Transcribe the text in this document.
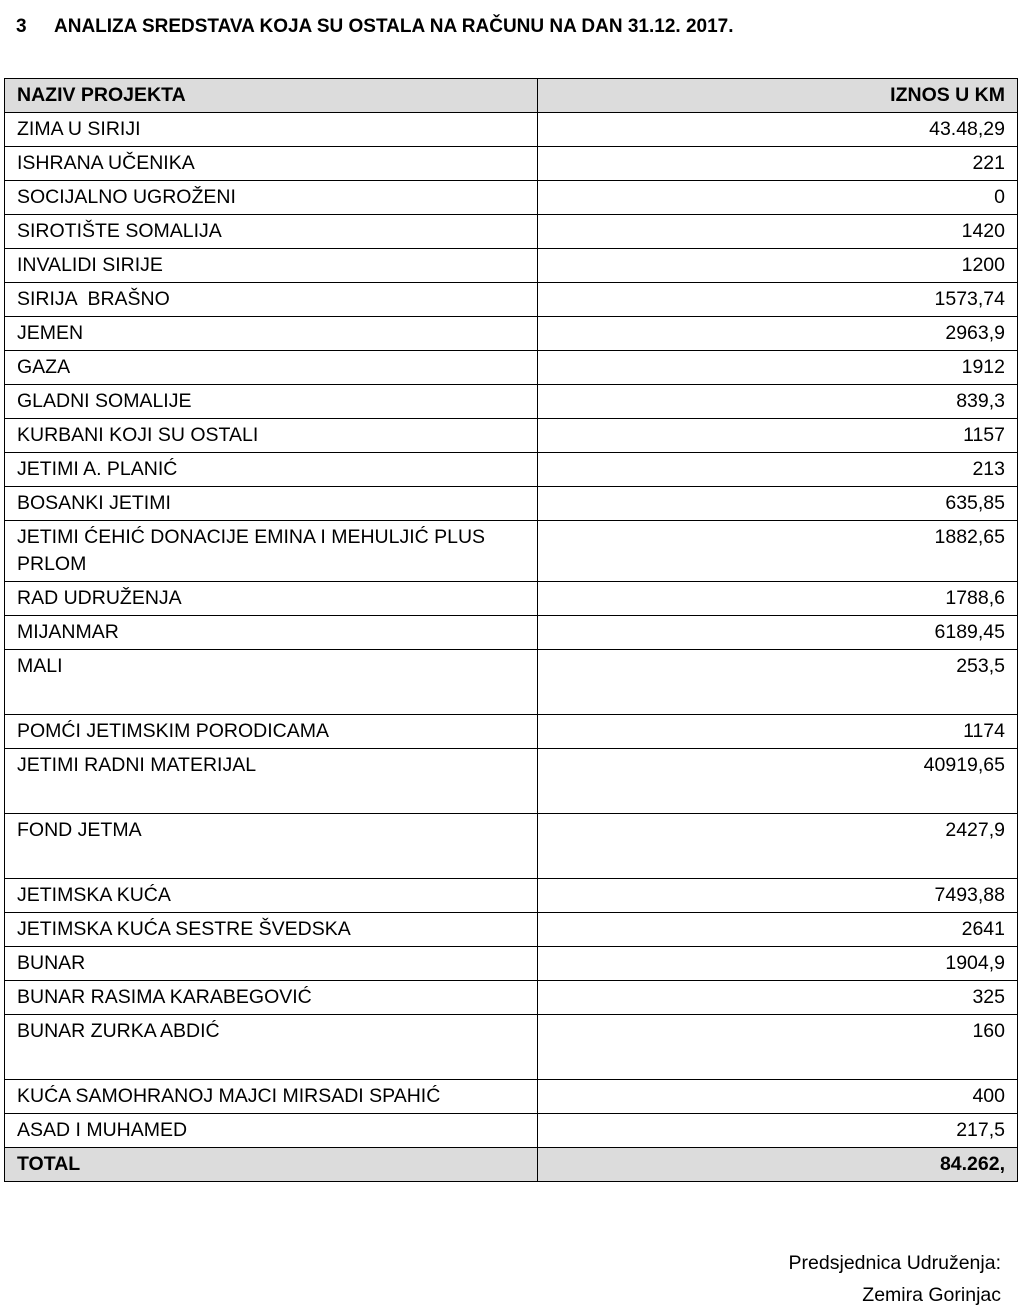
3 ANALIZA SREDSTAVA KOJA SU OSTALA NA RAČUNU NA DAN 31.12. 2017.
NAZIV PROJEKTA	IZNOS U KM
ZIMA U SIRIJI	43.48,29
ISHRANA UČENIKA	221
SOCIJALNO UGROŽENI	0
SIROTIŠTE SOMALIJA	1420
INVALIDI SIRIJE	1200
SIRIJA  BRAŠNO	1573,74
JEMEN	2963,9
GAZA	1912
GLADNI SOMALIJE	839,3
KURBANI KOJI SU OSTALI	1157
JETIMI A. PLANIĆ	213
BOSANKI JETIMI	635,85
JETIMI ĆEHIĆ DONACIJE EMINA I MEHULJIĆ PLUS PRLOM	1882,65
RAD UDRUŽENJA	1788,6
MIJANMAR	6189,45
MALI	253,5
POMĆI JETIMSKIM PORODICAMA	1174
JETIMI RADNI MATERIJAL	40919,65
FOND JETMA	2427,9
JETIMSKA KUĆA	7493,88
JETIMSKA KUĆA SESTRE ŠVEDSKA	2641
BUNAR	1904,9
BUNAR RASIMA KARABEGOVIĆ	325
BUNAR ZURKA ABDIĆ	160
KUĆA SAMOHRANOJ MAJCI MIRSADI SPAHIĆ	400
ASAD I MUHAMED	217,5
TOTAL	84.262,
Predsjednica Udruženja:
Zemira Gorinjac
